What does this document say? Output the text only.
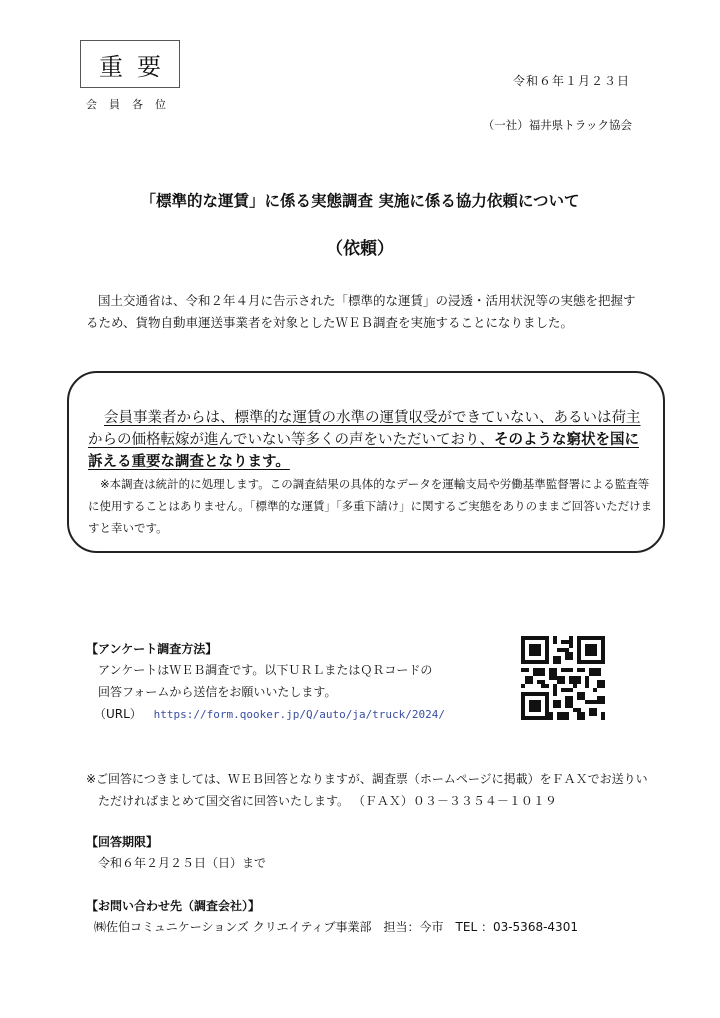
重要
会員各位
令和６年１月２３日
（一社）福井県トラック協会
「標準的な運賃」に係る実態調査 実施に係る協力依頼について
（依頼）
国土交通省は、令和２年４月に告示された「標準的な運賃」の浸透・活用状況等の実態を把握するため、貨物自動車運送事業者を対象としたＷＥＢ調査を実施することになりました。
会員事業者からは、標準的な運賃の水準の運賃収受ができていない、あるいは荷主からの価格転嫁が進んでいない等多くの声をいただいており、そのような窮状を国に訴える重要な調査となります。
※本調査は統計的に処理します。この調査結果の具体的なデータを運輸支局や労働基準監督署による監査等に使用することはありません。「標準的な運賃」「多重下請け」に関するご実態をありのままご回答いただけますと幸いです。
【アンケート調査方法】
アンケートはＷＥＢ調査です。以下ＵＲＬまたはＱＲコードの
回答フォームから送信をお願いいたします。
（URL） https://form.qooker.jp/Q/auto/ja/truck/2024/
※ご回答につきましては、ＷＥＢ回答となりますが、調査票（ホームページに掲載）をＦＡＸでお送りいただければまとめて国交省に回答いたします。 （ＦＡＸ）０３－３３５４－１０１９
【回答期限】
令和６年２月２５日（日）まで
【お問い合わせ先（調査会社）】
㈱佐伯コミュニケーションズ クリエイティブ事業部　担当：今市　TEL ：03-5368-4301
